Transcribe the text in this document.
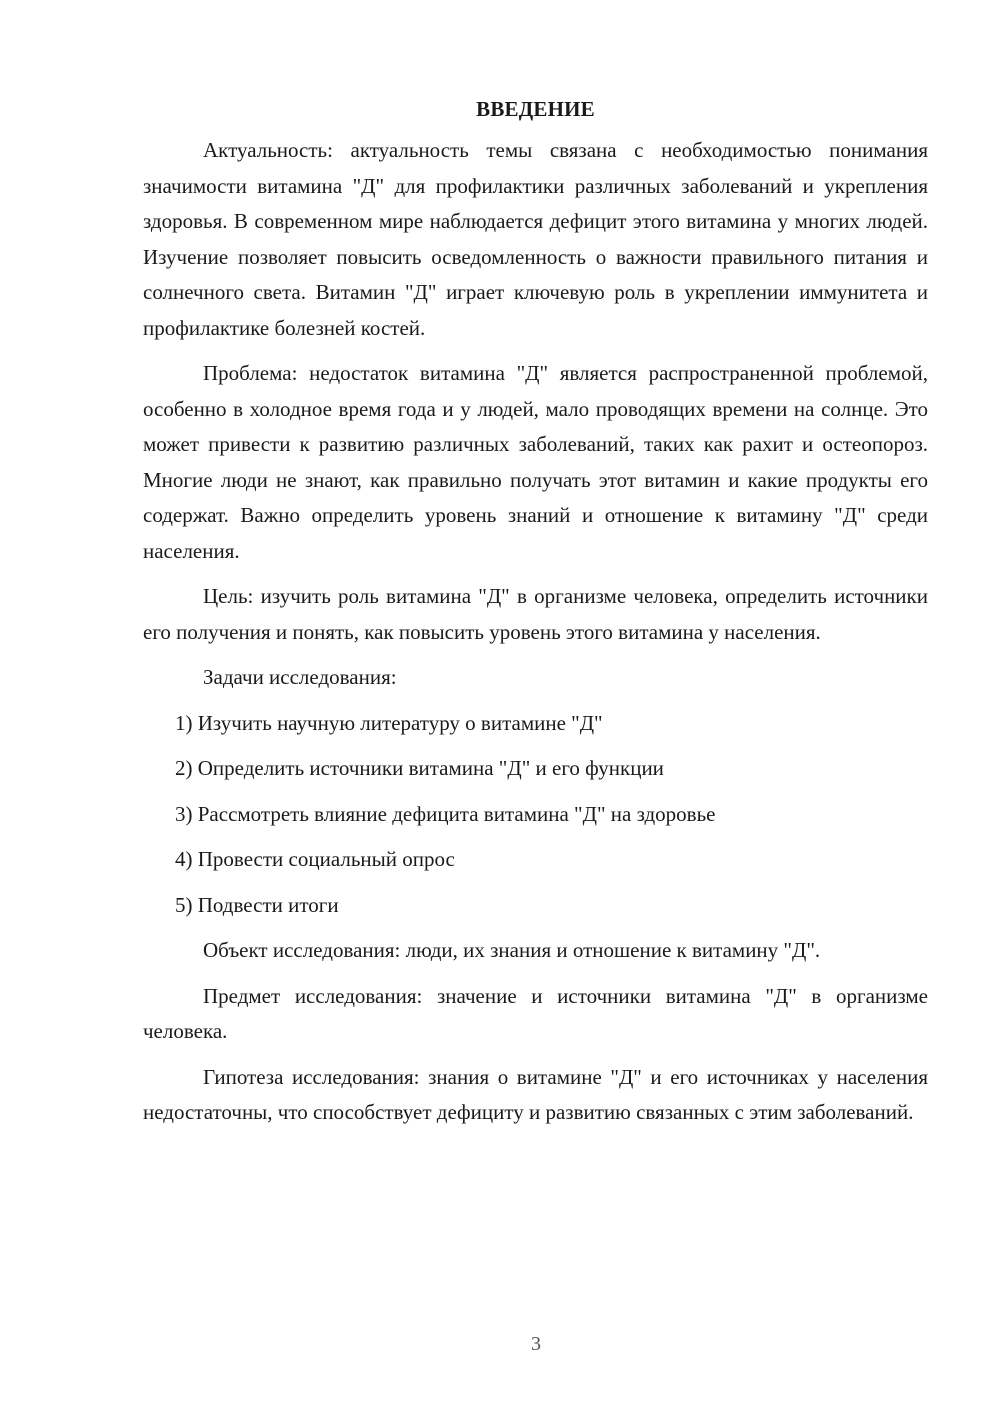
ВВЕДЕНИЕ

Актуальность: актуальность темы связана с необходимостью понимания значимости витамина "Д" для профилактики различных заболеваний и укрепления здоровья. В современном мире наблюдается дефицит этого витамина у многих людей. Изучение позволяет повысить осведомленность о важности правильного питания и солнечного света. Витамин "Д" играет ключевую роль в укреплении иммунитета и профилактике болезней костей.

Проблема: недостаток витамина "Д" является распространенной проблемой, особенно в холодное время года и у людей, мало проводящих времени на солнце. Это может привести к развитию различных заболеваний, таких как рахит и остеопороз. Многие люди не знают, как правильно получать этот витамин и какие продукты его содержат. Важно определить уровень знаний и отношение к витамину "Д" среди населения.

Цель: изучить роль витамина "Д" в организме человека, определить источники его получения и понять, как повысить уровень этого витамина у населения.

Задачи исследования:

1) Изучить научную литературу о витамине "Д"
2) Определить источники витамина "Д" и его функции
3) Рассмотреть влияние дефицита витамина "Д" на здоровье
4) Провести социальный опрос
5) Подвести итоги

Объект исследования: люди, их знания и отношение к витамину "Д".

Предмет исследования: значение и источники витамина "Д" в организме человека.

Гипотеза исследования: знания о витамине "Д" и его источниках у населения недостаточны, что способствует дефициту и развитию связанных с этим заболеваний.

3
